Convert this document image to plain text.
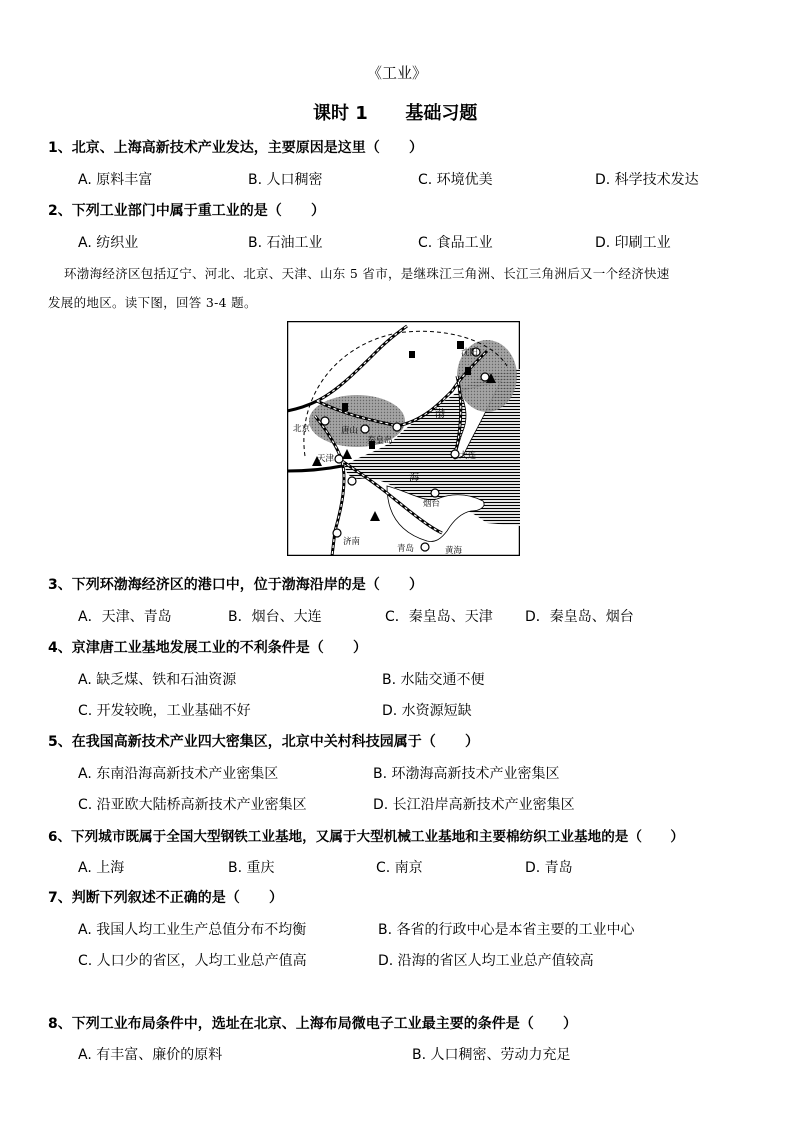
《工业》
课时 1      基础习题
1、北京、上海高新技术产业发达，主要原因是这里（      ）
A. 原料丰富	B. 人口稠密	C. 环境优美	D. 科学技术发达
2、下列工业部门中属于重工业的是（      ）
A. 纺织业	B. 石油工业	C. 食品工业	D. 印刷工业
环渤海经济区包括辽宁、河北、北京、天津、山东 5 省市，是继珠江三角洲、长江三角洲后又一个经济快速
发展的地区。读下图，回答 3-4 题。
沈阳
北京	唐山
天津
秦皇岛
大连
渤
海
烟台
济南
青岛	黄海
3、下列环渤海经济区的港口中，位于渤海沿岸的是（      ）
A．天津、青岛	B．烟台、大连	C．秦皇岛、天津 D．秦皇岛、烟台
4、京津唐工业基地发展工业的不利条件是（      ）
A. 缺乏煤、铁和石油资源	B. 水陆交通不便
C. 开发较晚，工业基础不好	D. 水资源短缺
5、在我国高新技术产业四大密集区，北京中关村科技园属于（      ）
A. 东南沿海高新技术产业密集区	B. 环渤海高新技术产业密集区
C. 沿亚欧大陆桥高新技术产业密集区	D. 长江沿岸高新技术产业密集区
6、下列城市既属于全国大型钢铁工业基地，又属于大型机械工业基地和主要棉纺织工业基地的是（      ）
A. 上海	B. 重庆	C. 南京	D. 青岛
7、判断下列叙述不正确的是（      ）
A. 我国人均工业生产总值分布不均衡	B. 各省的行政中心是本省主要的工业中心
C. 人口少的省区，人均工业总产值高	D. 沿海的省区人均工业总产值较高
8、下列工业布局条件中，选址在北京、上海布局微电子工业最主要的条件是（      ）
A. 有丰富、廉价的原料	B. 人口稠密、劳动力充足
